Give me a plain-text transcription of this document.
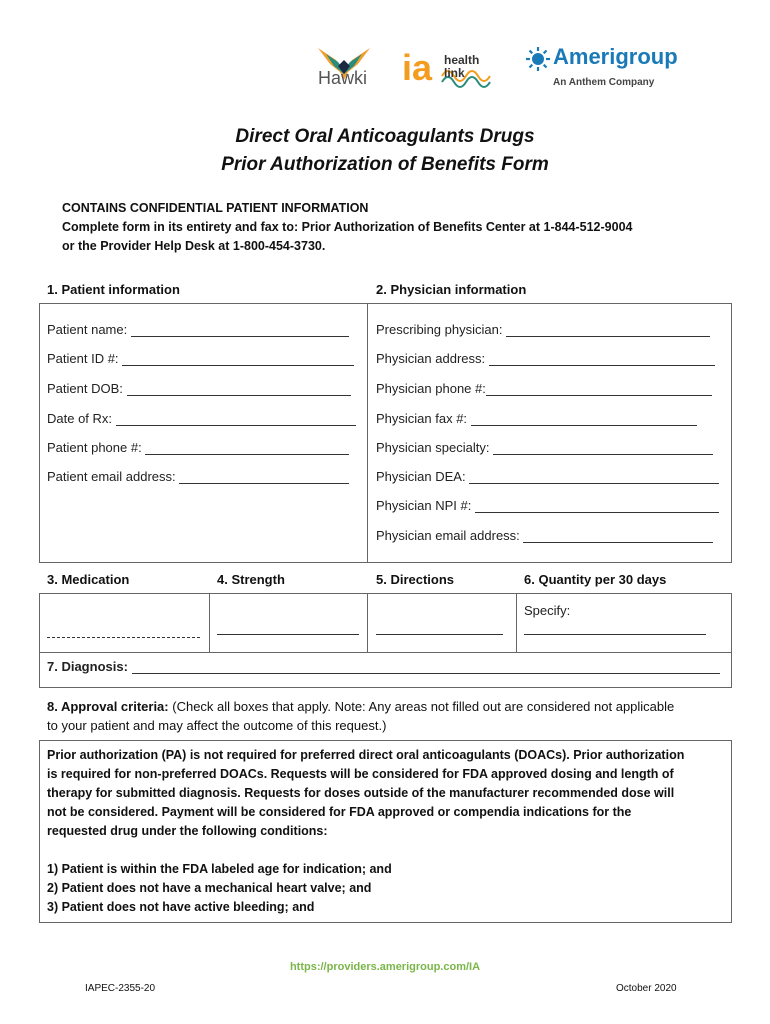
Hawki ia health link
Amerigroup
An Anthem Company
Direct Oral Anticoagulants Drugs
Prior Authorization of Benefits Form
CONTAINS CONFIDENTIAL PATIENT INFORMATION
Complete form in its entirety and fax to: Prior Authorization of Benefits Center at 1-844-512-9004
or the Provider Help Desk at 1-800-454-3730.
1. Patient information	2. Physician information
Patient name:
Patient ID #:
Patient DOB:
Date of Rx:
Patient phone #:
Patient email address:
Prescribing physician:
Physician address:
Physician phone #:
Physician fax #:
Physician specialty:
Physician DEA:
Physician NPI #:
Physician email address:
3. Medication	4. Strength	5. Directions	6. Quantity per 30 days
Specify:
7. Diagnosis:
8. Approval criteria: (Check all boxes that apply. Note: Any areas not filled out are considered not applicable
to your patient and may affect the outcome of this request.)
Prior authorization (PA) is not required for preferred direct oral anticoagulants (DOACs). Prior authorization
is required for non-preferred DOACs. Requests will be considered for FDA approved dosing and length of
therapy for submitted diagnosis. Requests for doses outside of the manufacturer recommended dose will
not be considered. Payment will be considered for FDA approved or compendia indications for the
requested drug under the following conditions:
1) Patient is within the FDA labeled age for indication; and
2) Patient does not have a mechanical heart valve; and
3) Patient does not have active bleeding; and
https://providers.amerigroup.com/IA
IAPEC-2355-20	October 2020
